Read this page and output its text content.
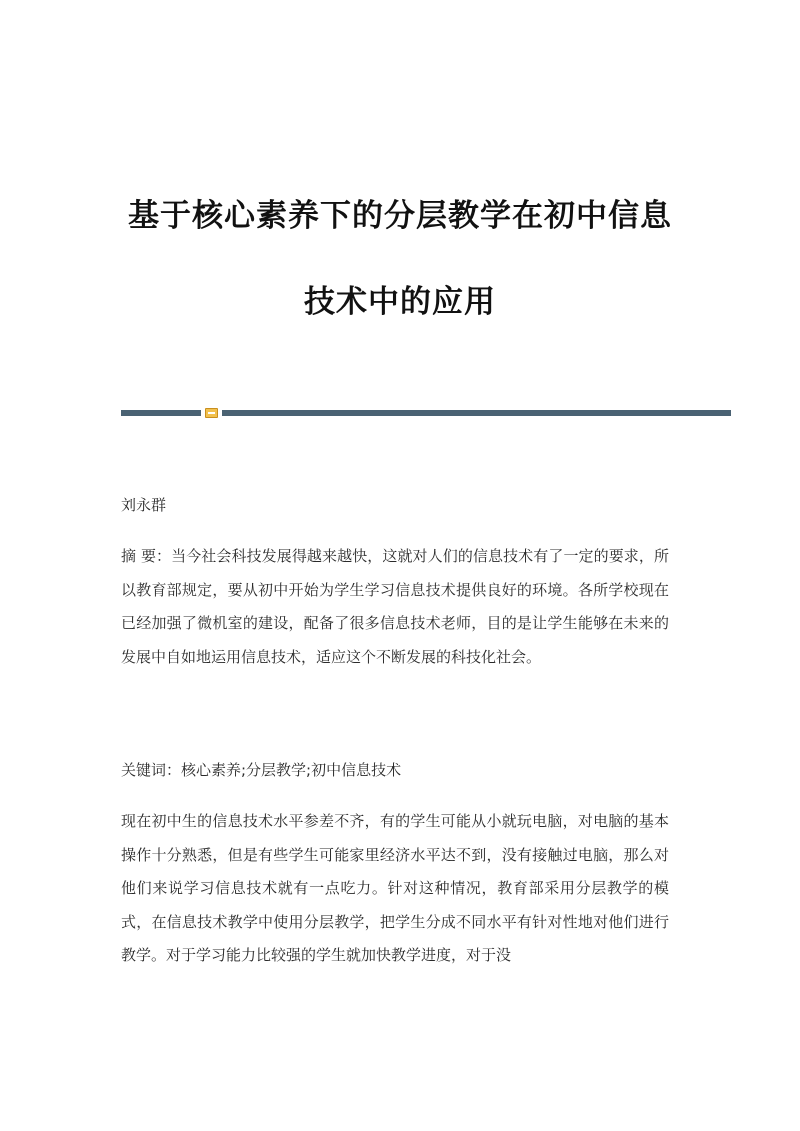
基于核心素养下的分层教学在初中信息
技术中的应用
刘永群
摘 要：当今社会科技发展得越来越快，这就对人们的信息技术有了一定的要求，所以教育部规定，要从初中开始为学生学习信息技术提供良好的环境。各所学校现在已经加强了微机室的建设，配备了很多信息技术老师，目的是让学生能够在未来的发展中自如地运用信息技术，适应这个不断发展的科技化社会。
关键词：核心素养;分层教学;初中信息技术
现在初中生的信息技术水平参差不齐，有的学生可能从小就玩电脑，对电脑的基本操作十分熟悉，但是有些学生可能家里经济水平达不到，没有接触过电脑，那么对他们来说学习信息技术就有一点吃力。针对这种情况，教育部采用分层教学的模式，在信息技术教学中使用分层教学，把学生分成不同水平有针对性地对他们进行教学。对于学习能力比较强的学生就加快教学进度，对于没
